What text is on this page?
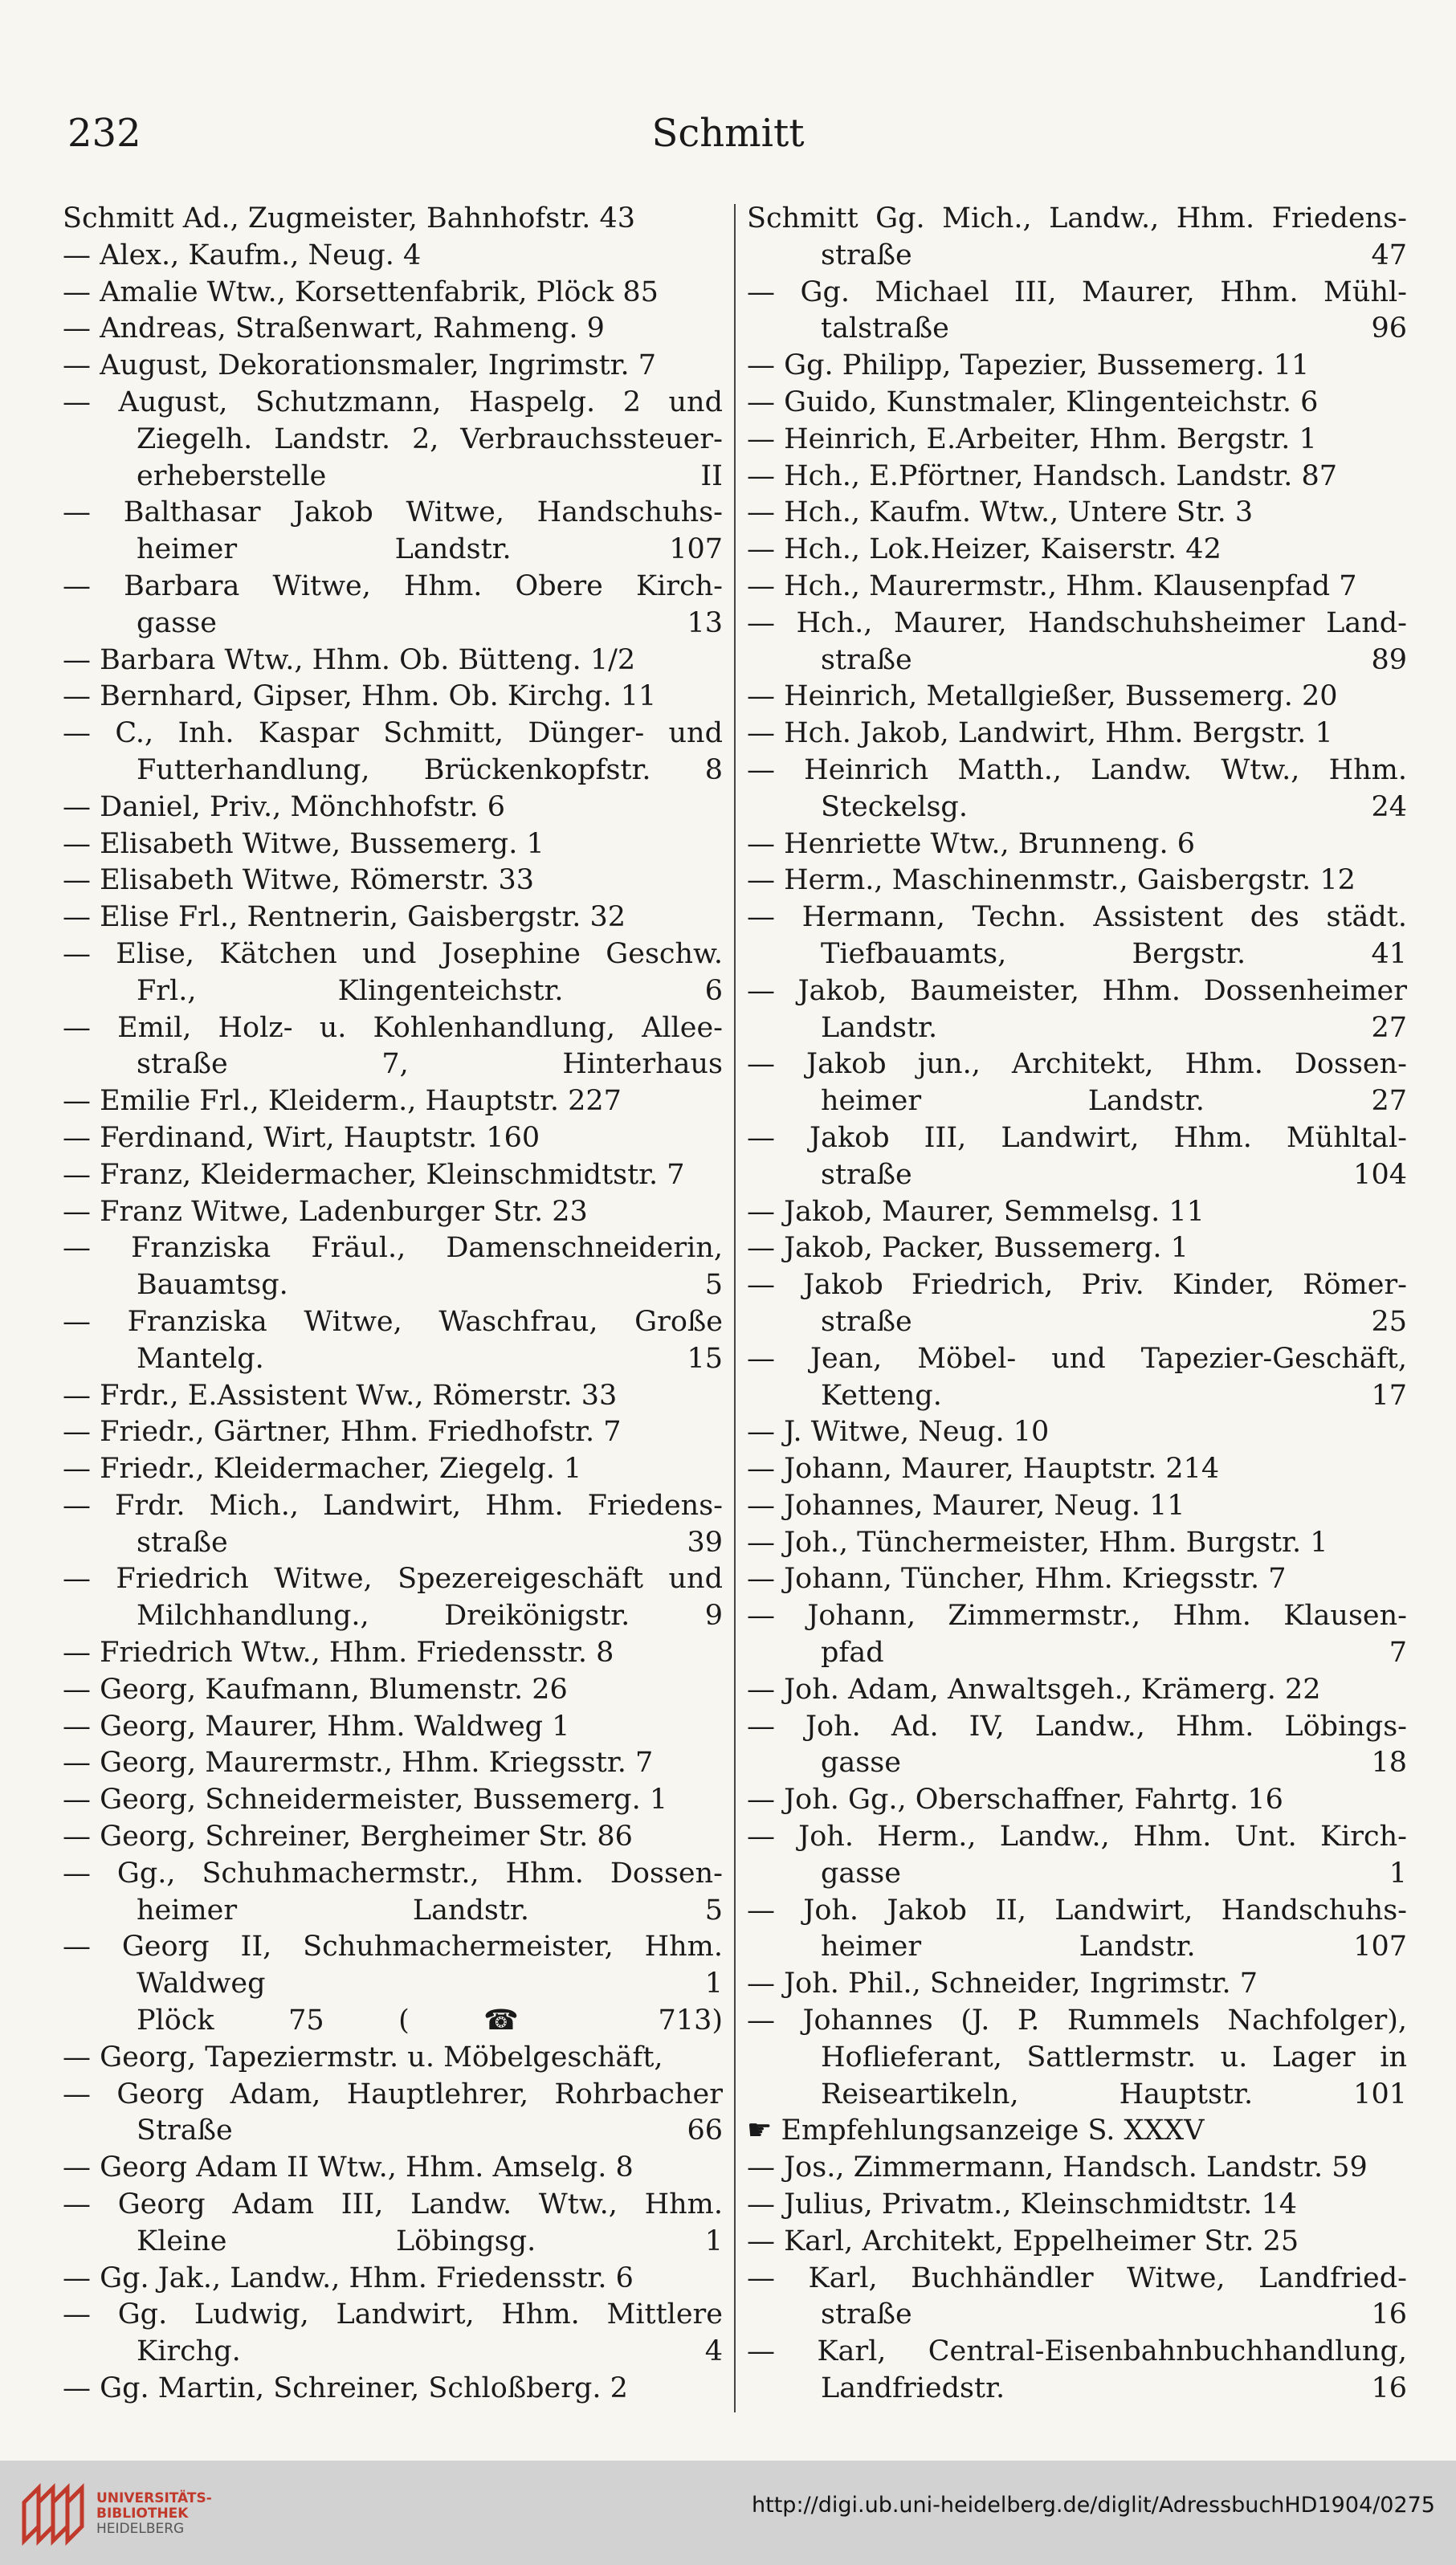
232	Schmitt
Schmitt Ad., Zugmeister, Bahnhofstr. 43
— Alex., Kaufm., Neug. 4
— Amalie Wtw., Korsettenfabrik, Plöck 85
— Andreas, Straßenwart, Rahmeng. 9
— August, Dekorationsmaler, Ingrimstr. 7
— August, Schutzmann, Haspelg. 2 und
Ziegelh. Landstr. 2, Verbrauchssteuer-
erheberstelle II
— Balthasar Jakob Witwe, Handschuhs-
heimer Landstr. 107
— Barbara Witwe, Hhm. Obere Kirch-
gasse 13
— Barbara Wtw., Hhm. Ob. Bütteng. 1/2
— Bernhard, Gipser, Hhm. Ob. Kirchg. 11
— C., Inh. Kaspar Schmitt, Dünger- und
Futterhandlung, Brückenkopfstr. 8
— Daniel, Priv., Mönchhofstr. 6
— Elisabeth Witwe, Bussemerg. 1
— Elisabeth Witwe, Römerstr. 33
— Elise Frl., Rentnerin, Gaisbergstr. 32
— Elise, Kätchen und Josephine Geschw.
Frl., Klingenteichstr. 6
— Emil, Holz- u. Kohlenhandlung, Allee-
straße 7, Hinterhaus
— Emilie Frl., Kleiderm., Hauptstr. 227
— Ferdinand, Wirt, Hauptstr. 160
— Franz, Kleidermacher, Kleinschmidtstr. 7
— Franz Witwe, Ladenburger Str. 23
— Franziska Fräul., Damenschneiderin,
Bauamtsg. 5
— Franziska Witwe, Waschfrau, Große
Mantelg. 15
— Frdr., E.Assistent Ww., Römerstr. 33
— Friedr., Gärtner, Hhm. Friedhofstr. 7
— Friedr., Kleidermacher, Ziegelg. 1
— Frdr. Mich., Landwirt, Hhm. Friedens-
straße 39
— Friedrich Witwe, Spezereigeschäft und
Milchhandlung., Dreikönigstr. 9
— Friedrich Wtw., Hhm. Friedensstr. 8
— Georg, Kaufmann, Blumenstr. 26
— Georg, Maurer, Hhm. Waldweg 1
— Georg, Maurermstr., Hhm. Kriegsstr. 7
— Georg, Schneidermeister, Bussemerg. 1
— Georg, Schreiner, Bergheimer Str. 86
— Gg., Schuhmachermstr., Hhm. Dossen-
heimer Landstr. 5
— Georg II, Schuhmachermeister, Hhm.
Waldweg 1
Plöck 75 ( ☎ 713)
— Georg, Tapeziermstr. u. Möbelgeschäft,
— Georg Adam, Hauptlehrer, Rohrbacher
Straße 66
— Georg Adam II Wtw., Hhm. Amselg. 8
— Georg Adam III, Landw. Wtw., Hhm.
Kleine Löbingsg. 1
— Gg. Jak., Landw., Hhm. Friedensstr. 6
— Gg. Ludwig, Landwirt, Hhm. Mittlere
Kirchg. 4
— Gg. Martin, Schreiner, Schloßberg. 2
Schmitt Gg. Mich., Landw., Hhm. Friedens-
straße 47
— Gg. Michael III, Maurer, Hhm. Mühl-
talstraße 96
— Gg. Philipp, Tapezier, Bussemerg. 11
— Guido, Kunstmaler, Klingenteichstr. 6
— Heinrich, E.Arbeiter, Hhm. Bergstr. 1
— Hch., E.Pförtner, Handsch. Landstr. 87
— Hch., Kaufm. Wtw., Untere Str. 3
— Hch., Lok.Heizer, Kaiserstr. 42
— Hch., Maurermstr., Hhm. Klausenpfad 7
— Hch., Maurer, Handschuhsheimer Land-
straße 89
— Heinrich, Metallgießer, Bussemerg. 20
— Hch. Jakob, Landwirt, Hhm. Bergstr. 1
— Heinrich Matth., Landw. Wtw., Hhm.
Steckelsg. 24
— Henriette Wtw., Brunneng. 6
— Herm., Maschinenmstr., Gaisbergstr. 12
— Hermann, Techn. Assistent des städt.
Tiefbauamts, Bergstr. 41
— Jakob, Baumeister, Hhm. Dossenheimer
Landstr. 27
— Jakob jun., Architekt, Hhm. Dossen-
heimer Landstr. 27
— Jakob III, Landwirt, Hhm. Mühltal-
straße 104
— Jakob, Maurer, Semmelsg. 11
— Jakob, Packer, Bussemerg. 1
— Jakob Friedrich, Priv. Kinder, Römer-
straße 25
— Jean, Möbel- und Tapezier-Geschäft,
Ketteng. 17
— J. Witwe, Neug. 10
— Johann, Maurer, Hauptstr. 214
— Johannes, Maurer, Neug. 11
— Joh., Tünchermeister, Hhm. Burgstr. 1
— Johann, Tüncher, Hhm. Kriegsstr. 7
— Johann, Zimmermstr., Hhm. Klausen-
pfad 7
— Joh. Adam, Anwaltsgeh., Krämerg. 22
— Joh. Ad. IV, Landw., Hhm. Löbings-
gasse 18
— Joh. Gg., Oberschaffner, Fahrtg. 16
— Joh. Herm., Landw., Hhm. Unt. Kirch-
gasse 1
— Joh. Jakob II, Landwirt, Handschuhs-
heimer Landstr. 107
— Joh. Phil., Schneider, Ingrimstr. 7
— Johannes (J. P. Rummels Nachfolger),
Hoflieferant, Sattlermstr. u. Lager in
Reiseartikeln, Hauptstr. 101
☛ Empfehlungsanzeige S. XXXV
— Jos., Zimmermann, Handsch. Landstr. 59
— Julius, Privatm., Kleinschmidtstr. 14
— Karl, Architekt, Eppelheimer Str. 25
— Karl, Buchhändler Witwe, Landfried-
straße 16
— Karl, Central-Eisenbahnbuchhandlung,
Landfriedstr. 16
UNIVERSITÄTS-
BIBLIOTHEK
HEIDELBERG
http://digi.ub.uni-heidelberg.de/diglit/AdressbuchHD1904/0275
